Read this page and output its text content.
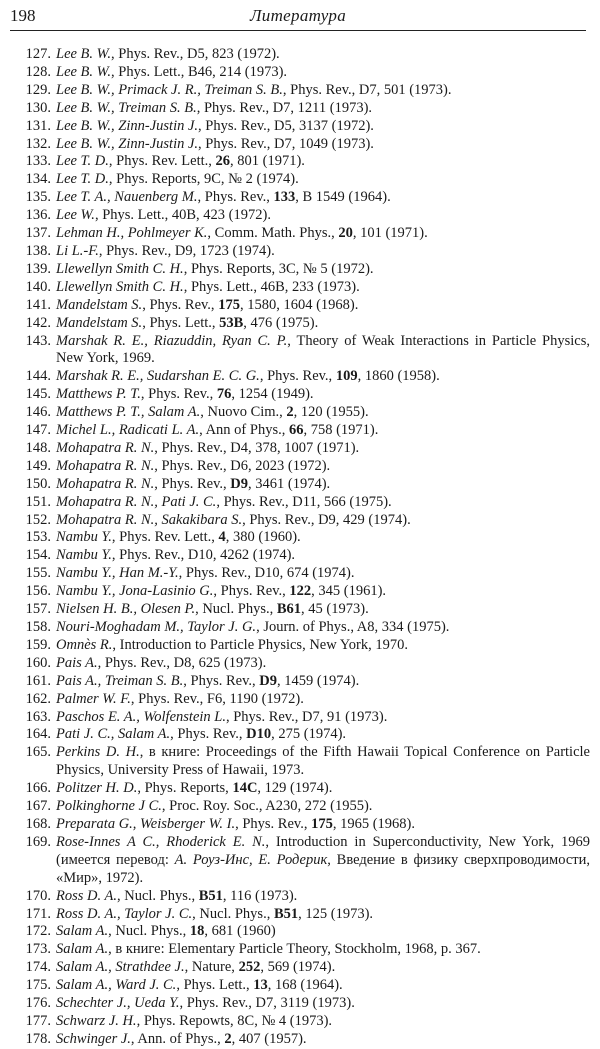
198	Литература
127. Lee B. W., Phys. Rev., D5, 823 (1972).
128. Lee B. W., Phys. Lett., B46, 214 (1973).
129. Lee B. W., Primack J. R., Treiman S. B., Phys. Rev., D7, 501 (1973).
130. Lee B. W., Treiman S. B., Phys. Rev., D7, 1211 (1973).
131. Lee B. W., Zinn-Justin J., Phys. Rev., D5, 3137 (1972).
132. Lee B. W., Zinn-Justin J., Phys. Rev., D7, 1049 (1973).
133. Lee T. D., Phys. Rev. Lett., 26, 801 (1971).
134. Lee T. D., Phys. Reports, 9C, № 2 (1974).
135. Lee T. A., Nauenberg M., Phys. Rev., 133, B 1549 (1964).
136. Lee W., Phys. Lett., 40B, 423 (1972).
137. Lehman H., Pohlmeyer K., Comm. Math. Phys., 20, 101 (1971).
138. Li L.-F., Phys. Rev., D9, 1723 (1974).
139. Llewellyn Smith C. H., Phys. Reports, 3C, № 5 (1972).
140. Llewellyn Smith C. H., Phys. Lett., 46B, 233 (1973).
141. Mandelstam S., Phys. Rev., 175, 1580, 1604 (1968).
142. Mandelstam S., Phys. Lett., 53B, 476 (1975).
143. Marshak R. E., Riazuddin, Ryan C. P., Theory of Weak Interactions in Particle Physics, New York, 1969.
144. Marshak R. E., Sudarshan E. C. G., Phys. Rev., 109, 1860 (1958).
145. Matthews P. T., Phys. Rev., 76, 1254 (1949).
146. Matthews P. T., Salam A., Nuovo Cim., 2, 120 (1955).
147. Michel L., Radicati L. A., Ann of Phys., 66, 758 (1971).
148. Mohapatra R. N., Phys. Rev., D4, 378, 1007 (1971).
149. Mohapatra R. N., Phys. Rev., D6, 2023 (1972).
150. Mohapatra R. N., Phys. Rev., D9, 3461 (1974).
151. Mohapatra R. N., Pati J. C., Phys. Rev., D11, 566 (1975).
152. Mohapatra R. N., Sakakibara S., Phys. Rev., D9, 429 (1974).
153. Nambu Y., Phys. Rev. Lett., 4, 380 (1960).
154. Nambu Y., Phys. Rev., D10, 4262 (1974).
155. Nambu Y., Han M.-Y., Phys. Rev., D10, 674 (1974).
156. Nambu Y., Jona-Lasinio G., Phys. Rev., 122, 345 (1961).
157. Nielsen H. B., Olesen P., Nucl. Phys., B61, 45 (1973).
158. Nouri-Moghadam M., Taylor J. G., Journ. of Phys., A8, 334 (1975).
159. Omnès R., Introduction to Particle Physics, New York, 1970.
160. Pais A., Phys. Rev., D8, 625 (1973).
161. Pais A., Treiman S. B., Phys. Rev., D9, 1459 (1974).
162. Palmer W. F., Phys. Rev., F6, 1190 (1972).
163. Paschos E. A., Wolfenstein L., Phys. Rev., D7, 91 (1973).
164. Pati J. C., Salam A., Phys. Rev., D10, 275 (1974).
165. Perkins D. H., в книге: Proceedings of the Fifth Hawaii Topical Conference on Particle Physics, University Press of Hawaii, 1973.
166. Politzer H. D., Phys. Reports, 14C, 129 (1974).
167. Polkinghorne J C., Proc. Roy. Soc., A230, 272 (1955).
168. Preparata G., Weisberger W. I., Phys. Rev., 175, 1965 (1968).
169. Rose-Innes A C., Rhoderick E. N., Introduction in Superconductivity, New York, 1969 (имеется перевод: А. Роуз-Инс, Е. Родерик, Введение в физику сверхпроводимости, «Мир», 1972).
170. Ross D. A., Nucl. Phys., B51, 116 (1973).
171. Ross D. A., Taylor J. C., Nucl. Phys., B51, 125 (1973).
172. Salam A., Nucl. Phys., 18, 681 (1960)
173. Salam A., в книге: Elementary Particle Theory, Stockholm, 1968, p. 367.
174. Salam A., Strathdee J., Nature, 252, 569 (1974).
175. Salam A., Ward J. C., Phys. Lett., 13, 168 (1964).
176. Schechter J., Ueda Y., Phys. Rev., D7, 3119 (1973).
177. Schwarz J. H., Phys. Repowts, 8C, № 4 (1973).
178. Schwinger J., Ann. of Phys., 2, 407 (1957).
